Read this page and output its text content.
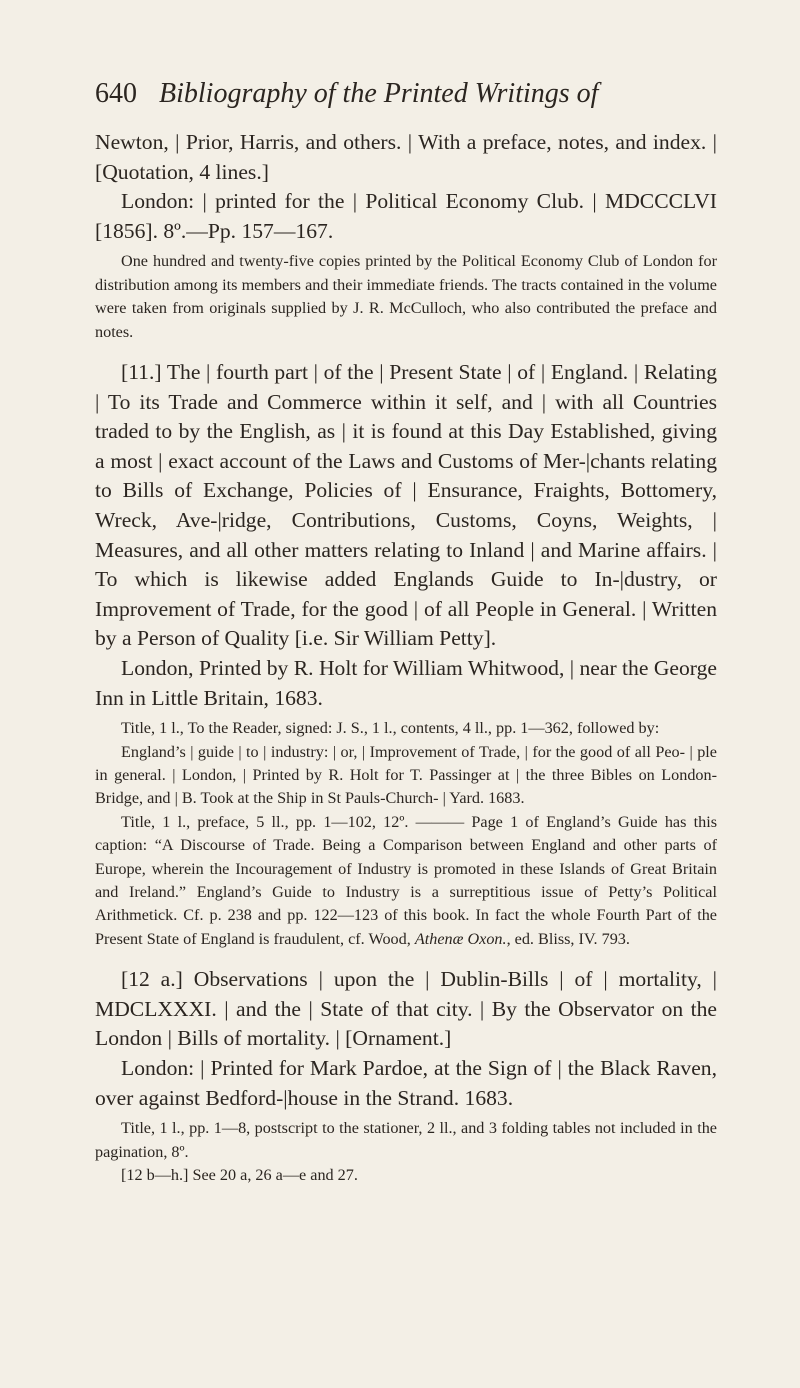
640 Bibliography of the Printed Writings of

Newton, | Prior, Harris, and others. | With a preface, notes, and index. | [Quotation, 4 lines.]

London: | printed for the | Political Economy Club. | MDCCCLVI [1856]. 8º.—Pp. 157—167.

One hundred and twenty-five copies printed by the Political Economy Club of London for distribution among its members and their immediate friends. The tracts contained in the volume were taken from originals supplied by J. R. McCulloch, who also contributed the preface and notes.

[11.] The | fourth part | of the | Present State | of | England. | Relating | To its Trade and Commerce within it self, and | with all Countries traded to by the English, as | it is found at this Day Established, giving a most | exact account of the Laws and Customs of Mer-|chants relating to Bills of Exchange, Policies of | Ensurance, Fraights, Bottomery, Wreck, Ave-|ridge, Contributions, Customs, Coyns, Weights, | Measures, and all other matters relating to Inland | and Marine affairs. | To which is likewise added Englands Guide to In-|dustry, or Improvement of Trade, for the good | of all People in General. | Written by a Person of Quality [i.e. Sir William Petty].

London, Printed by R. Holt for William Whitwood, | near the George Inn in Little Britain, 1683.

Title, 1 l., To the Reader, signed: J. S., 1 l., contents, 4 ll., pp. 1—362, followed by:

England’s | guide | to | industry: | or, | Improvement of Trade, | for the good of all Peo- | ple in general. | London, | Printed by R. Holt for T. Passinger at | the three Bibles on London-Bridge, and | B. Took at the Ship in St Pauls-Church- | Yard. 1683.

Title, 1 l., preface, 5 ll., pp. 1—102, 12º. ——— Page 1 of England’s Guide has this caption: “A Discourse of Trade. Being a Comparison between England and other parts of Europe, wherein the Incouragement of Industry is promoted in these Islands of Great Britain and Ireland.” England’s Guide to Industry is a surreptitious issue of Petty’s Political Arithmetick. Cf. p. 238 and pp. 122—123 of this book. In fact the whole Fourth Part of the Present State of England is fraudulent, cf. Wood, Athenæ Oxon., ed. Bliss, IV. 793.

[12 a.] Observations | upon the | Dublin-Bills | of | mortality, | MDCLXXXI. | and the | State of that city. | By the Observator on the London | Bills of mortality. | [Ornament.]

London: | Printed for Mark Pardoe, at the Sign of | the Black Raven, over against Bedford-|house in the Strand. 1683.

Title, 1 l., pp. 1—8, postscript to the stationer, 2 ll., and 3 folding tables not included in the pagination, 8º.

[12 b—h.] See 20 a, 26 a—e and 27.
